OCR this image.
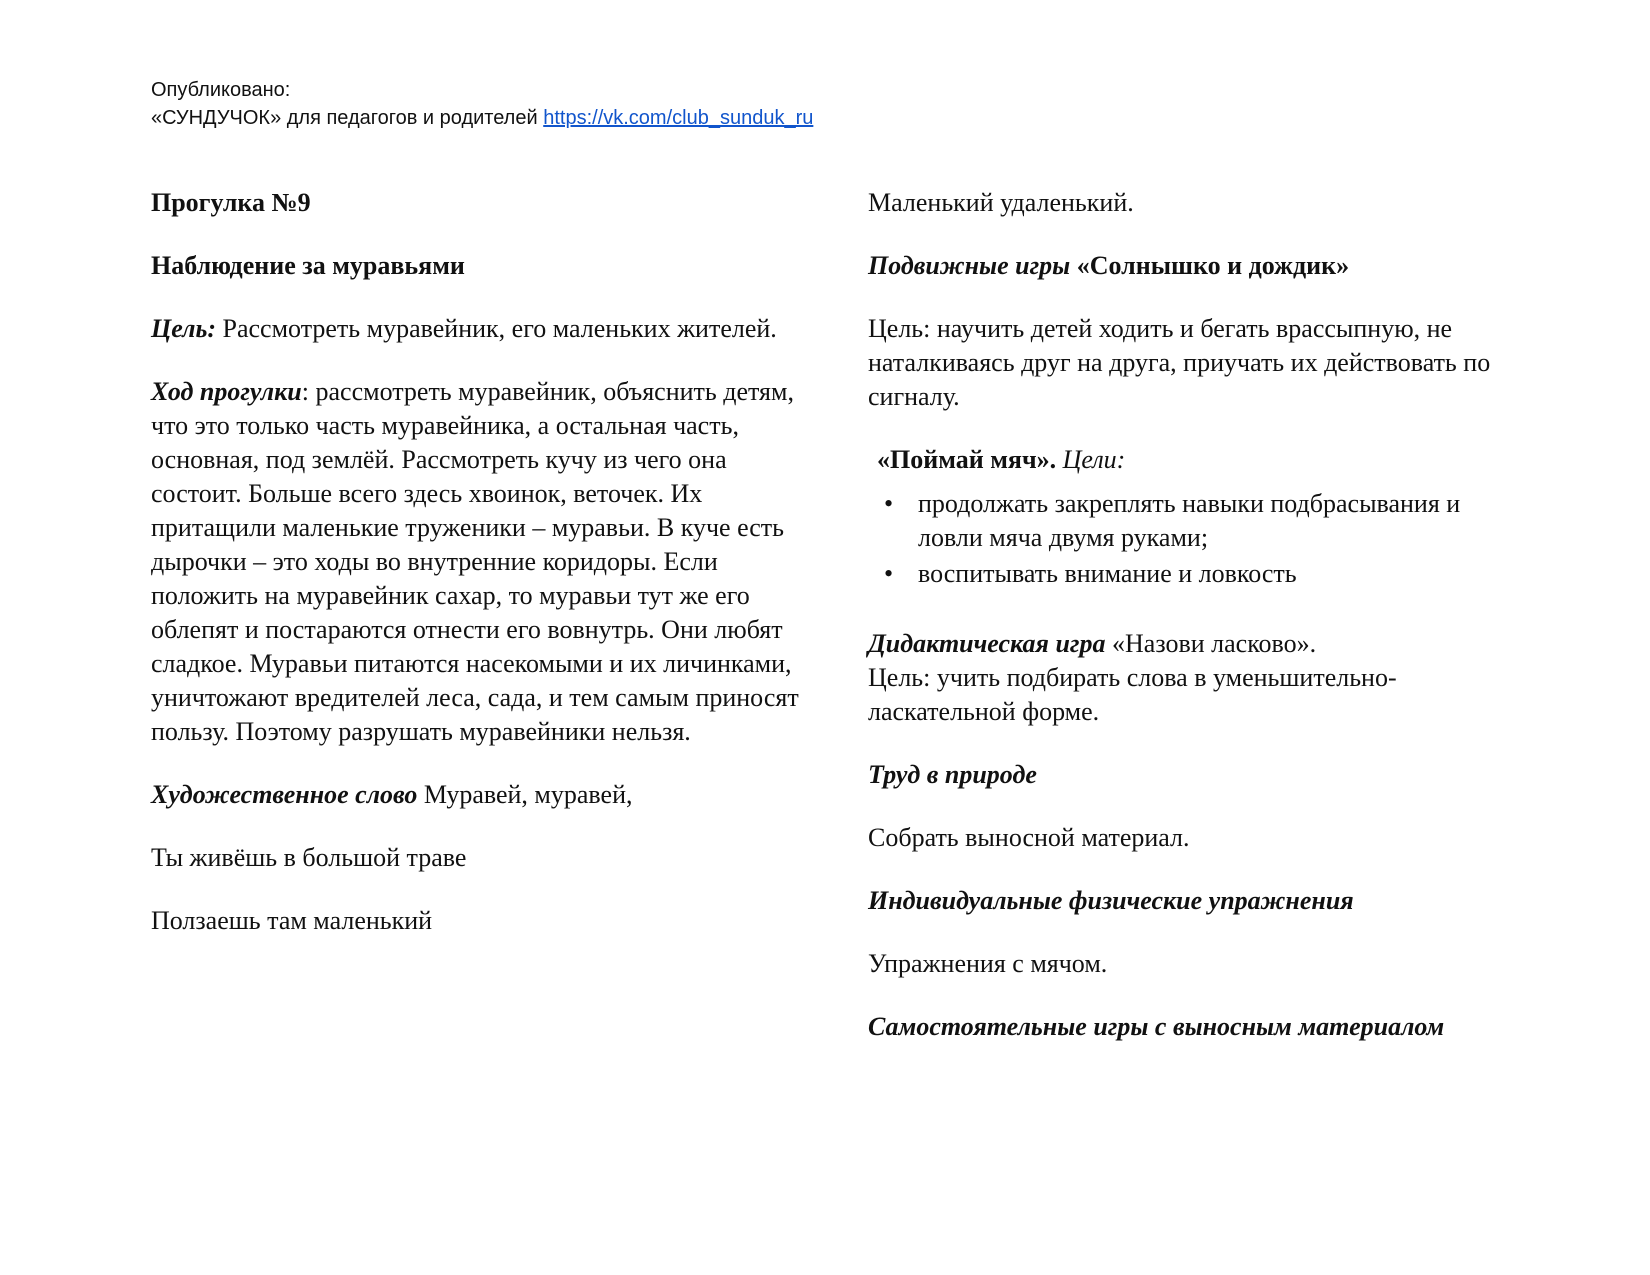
Опубликовано:
«СУНДУЧОК» для педагогов и родителей https://vk.com/club_sunduk_ru

Прогулка №9

Наблюдение за муравьями

Цель: Рассмотреть муравейник, его маленьких жителей.

Ход прогулки: рассмотреть муравейник, объяснить детям, что это только часть муравейника, а остальная часть, основная, под землёй. Рассмотреть кучу из чего она состоит. Больше всего здесь хвоинок, веточек. Их притащили маленькие труженики – муравьи. В куче есть дырочки – это ходы во внутренние коридоры. Если положить на муравейник сахар, то муравьи тут же его облепят и постараются отнести его вовнутрь. Они любят сладкое. Муравьи питаются насекомыми и их личинками, уничтожают вредителей леса, сада, и тем самым приносят пользу. Поэтому разрушать муравейники нельзя.

Художественное слово Муравей, муравей,

Ты живёшь в большой траве

Ползаешь там маленький

Маленький удаленький.

Подвижные игры «Солнышко и дождик»

Цель: научить детей ходить и бегать врассыпную, не наталкиваясь друг на друга, приучать их действовать по сигналу.

«Поймай мяч». Цели:

• продолжать закреплять навыки подбрасывания и ловли мяча двумя руками;
• воспитывать внимание и ловкость

Дидактическая игра «Назови ласково».
Цель: учить подбирать слова в уменьшительно-ласкательной форме.

Труд в природе

Собрать выносной материал.

Индивидуальные физические упражнения

Упражнения с мячом.

Самостоятельные игры с выносным материалом
